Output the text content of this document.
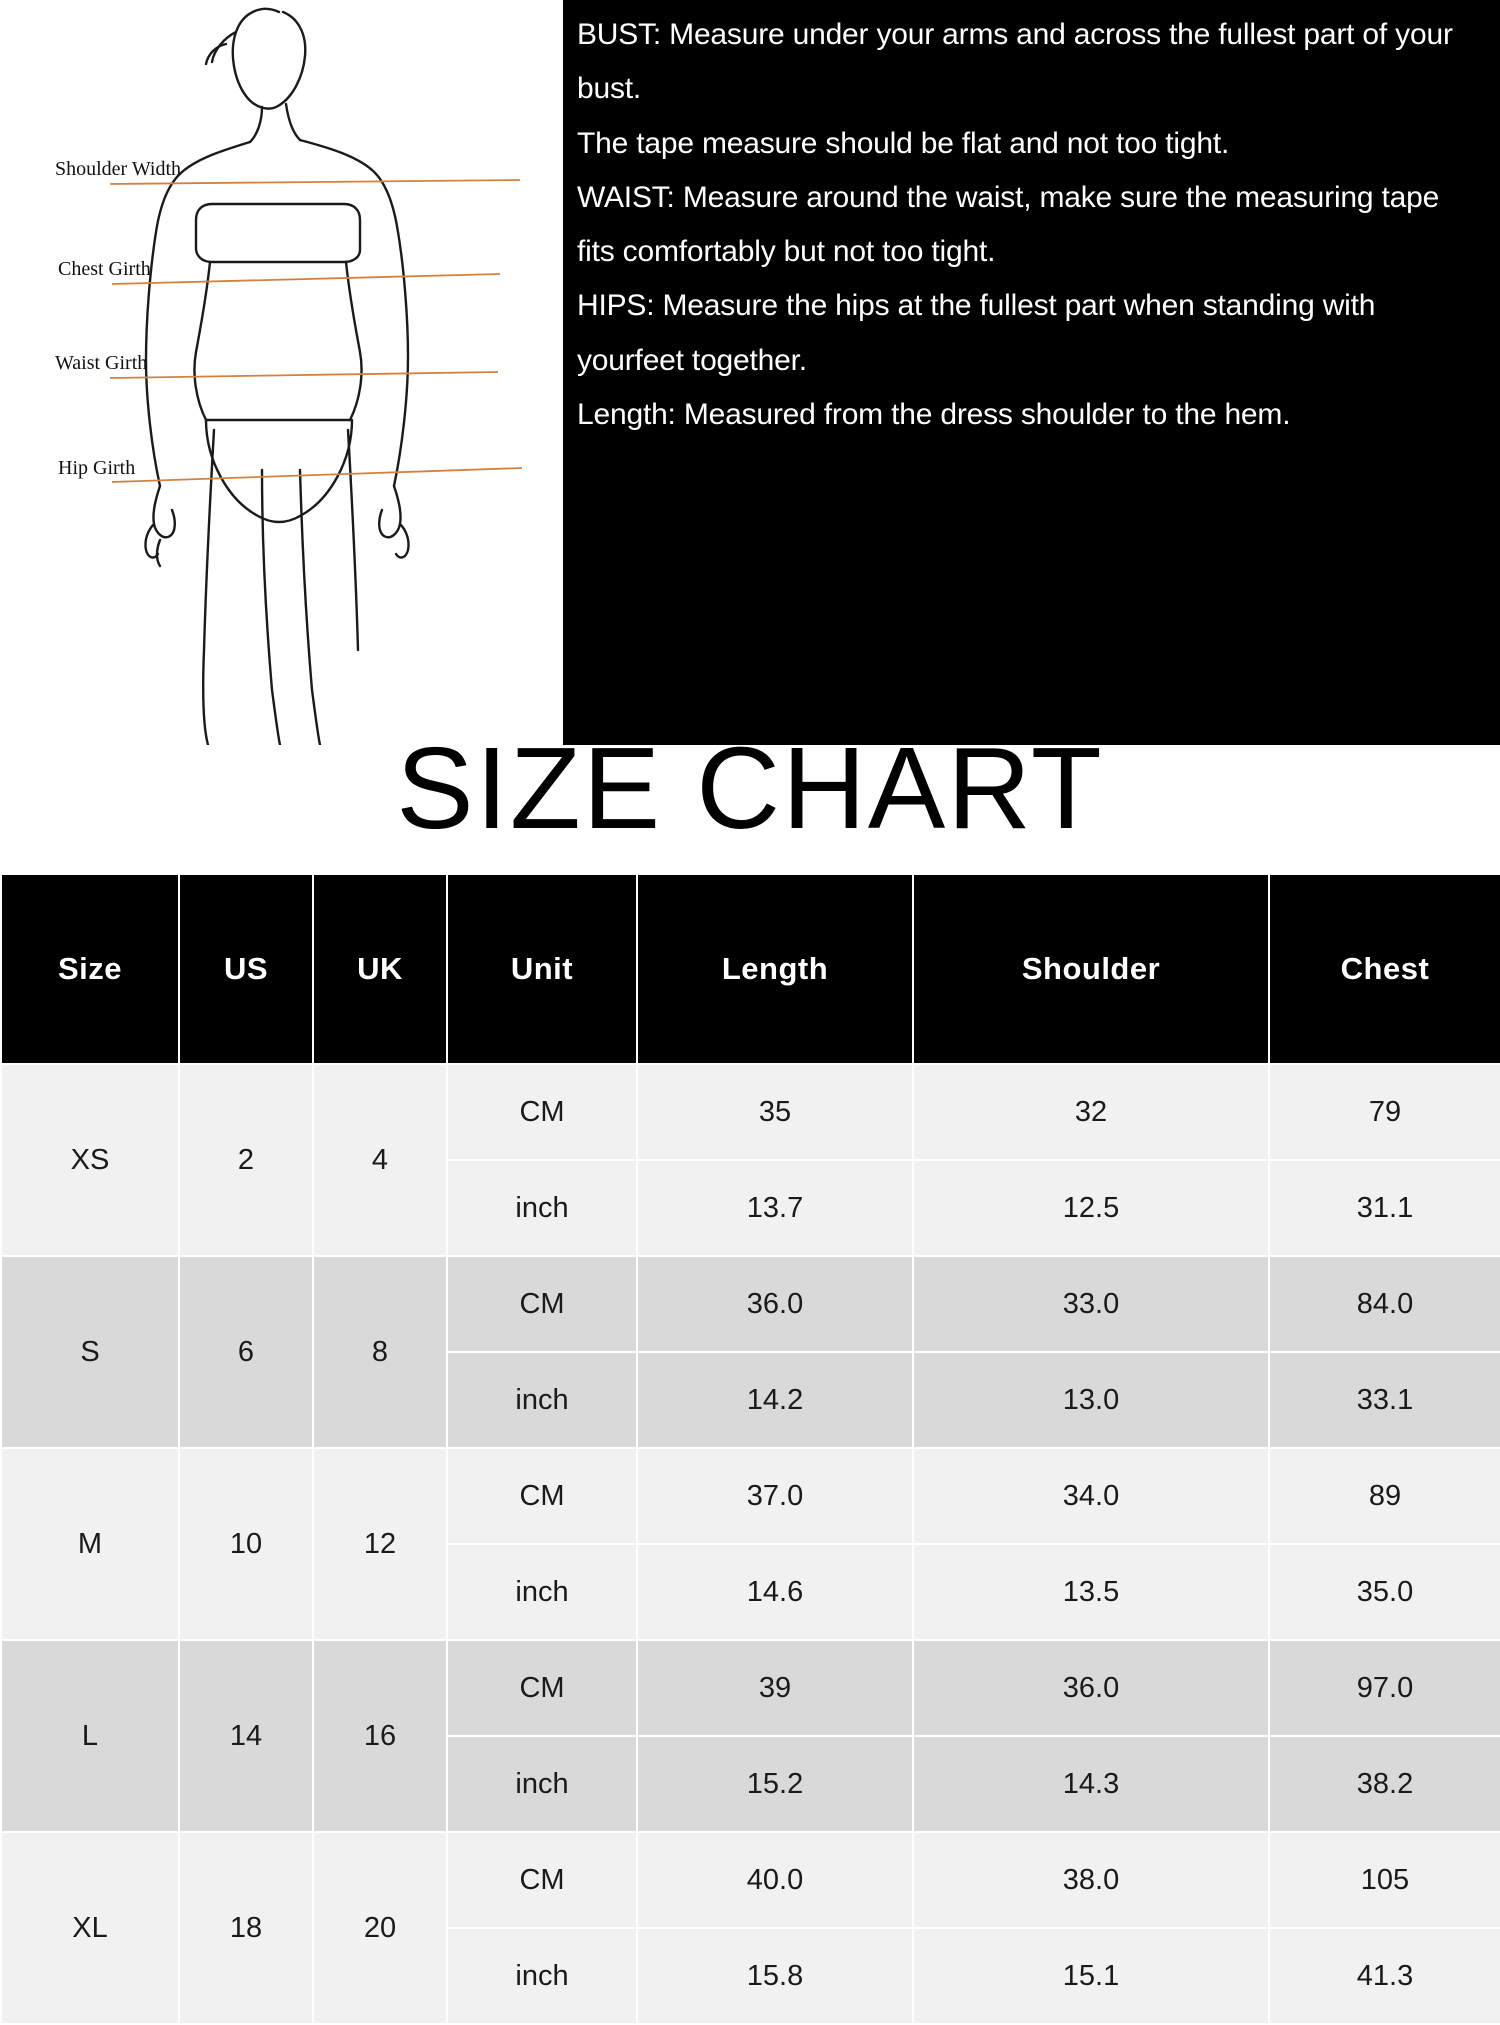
Shoulder Width
Chest Girth
Waist Girth
Hip Girth

BUST: Measure under your arms and across the fullest part of your bust.

The tape measure should be flat and not too tight.

WAIST: Measure around the waist, make sure the measuring tape fits comfortably but not too tight.

HIPS: Measure the hips at the fullest part when standing with yourfeet together.

Length: Measured from the dress shoulder to the hem.

SIZE CHART
Size	US	UK	Unit	Length	Shoulder	Chest
XS	2	4	CM	35	32	79
			inch	13.7	12.5	31.1
S	6	8	CM	36.0	33.0	84.0
			inch	14.2	13.0	33.1
M	10	12	CM	37.0	34.0	89
			inch	14.6	13.5	35.0
L	14	16	CM	39	36.0	97.0
			inch	15.2	14.3	38.2
XL	18	20	CM	40.0	38.0	105
			inch	15.8	15.1	41.3
